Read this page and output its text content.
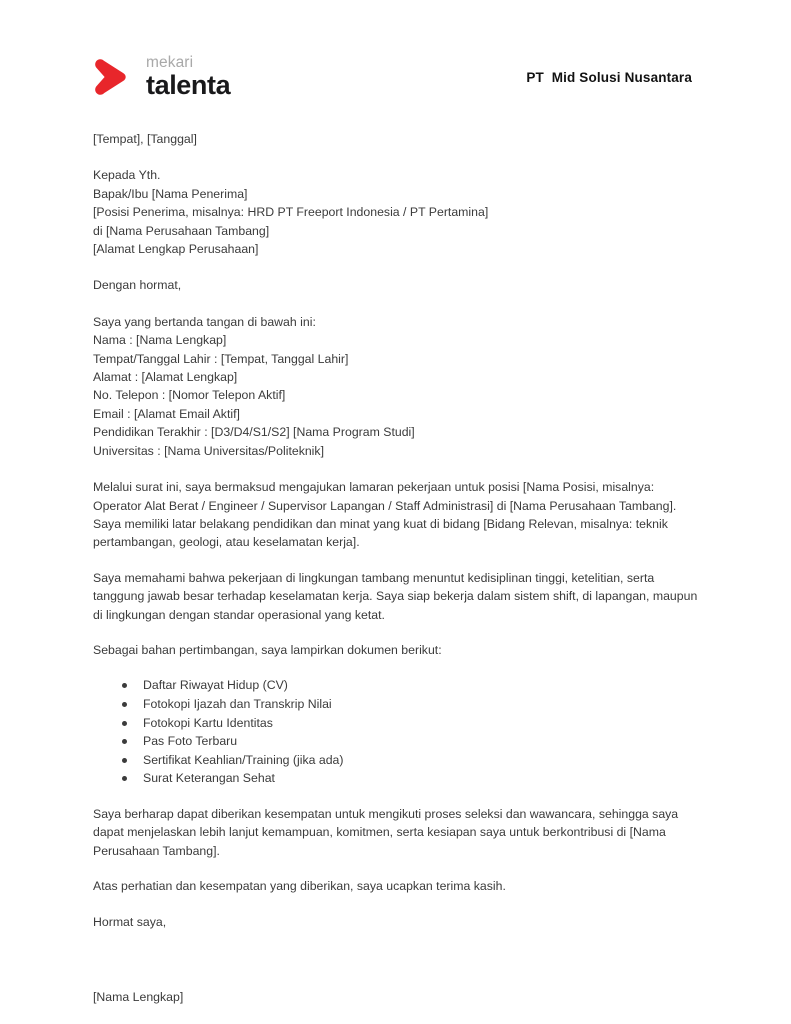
mekari
talenta	PT  Mid Solusi Nusantara
[Tempat], [Tanggal]
Kepada Yth.
Bapak/Ibu [Nama Penerima]
[Posisi Penerima, misalnya: HRD PT Freeport Indonesia / PT Pertamina]
di [Nama Perusahaan Tambang]
[Alamat Lengkap Perusahaan]
Dengan hormat,
Saya yang bertanda tangan di bawah ini:
Nama : [Nama Lengkap]
Tempat/Tanggal Lahir : [Tempat, Tanggal Lahir]
Alamat : [Alamat Lengkap]
No. Telepon : [Nomor Telepon Aktif]
Email : [Alamat Email Aktif]
Pendidikan Terakhir : [D3/D4/S1/S2] [Nama Program Studi]
Universitas : [Nama Universitas/Politeknik]

Melalui surat ini, saya bermaksud mengajukan lamaran pekerjaan untuk posisi [Nama Posisi, misalnya: Operator Alat Berat / Engineer / Supervisor Lapangan / Staff Administrasi] di [Nama Perusahaan Tambang]. Saya memiliki latar belakang pendidikan dan minat yang kuat di bidang [Bidang Relevan, misalnya: teknik pertambangan, geologi, atau keselamatan kerja].

Saya memahami bahwa pekerjaan di lingkungan tambang menuntut kedisiplinan tinggi, ketelitian, serta tanggung jawab besar terhadap keselamatan kerja. Saya siap bekerja dalam sistem shift, di lapangan, maupun di lingkungan dengan standar operasional yang ketat.

Sebagai bahan pertimbangan, saya lampirkan dokumen berikut:

Daftar Riwayat Hidup (CV)
Fotokopi Ijazah dan Transkrip Nilai
Fotokopi Kartu Identitas
Pas Foto Terbaru
Sertifikat Keahlian/Training (jika ada)
Surat Keterangan Sehat

Saya berharap dapat diberikan kesempatan untuk mengikuti proses seleksi dan wawancara, sehingga saya dapat menjelaskan lebih lanjut kemampuan, komitmen, serta kesiapan saya untuk berkontribusi di [Nama Perusahaan Tambang].

Atas perhatian dan kesempatan yang diberikan, saya ucapkan terima kasih.

Hormat saya,

[Nama Lengkap]
